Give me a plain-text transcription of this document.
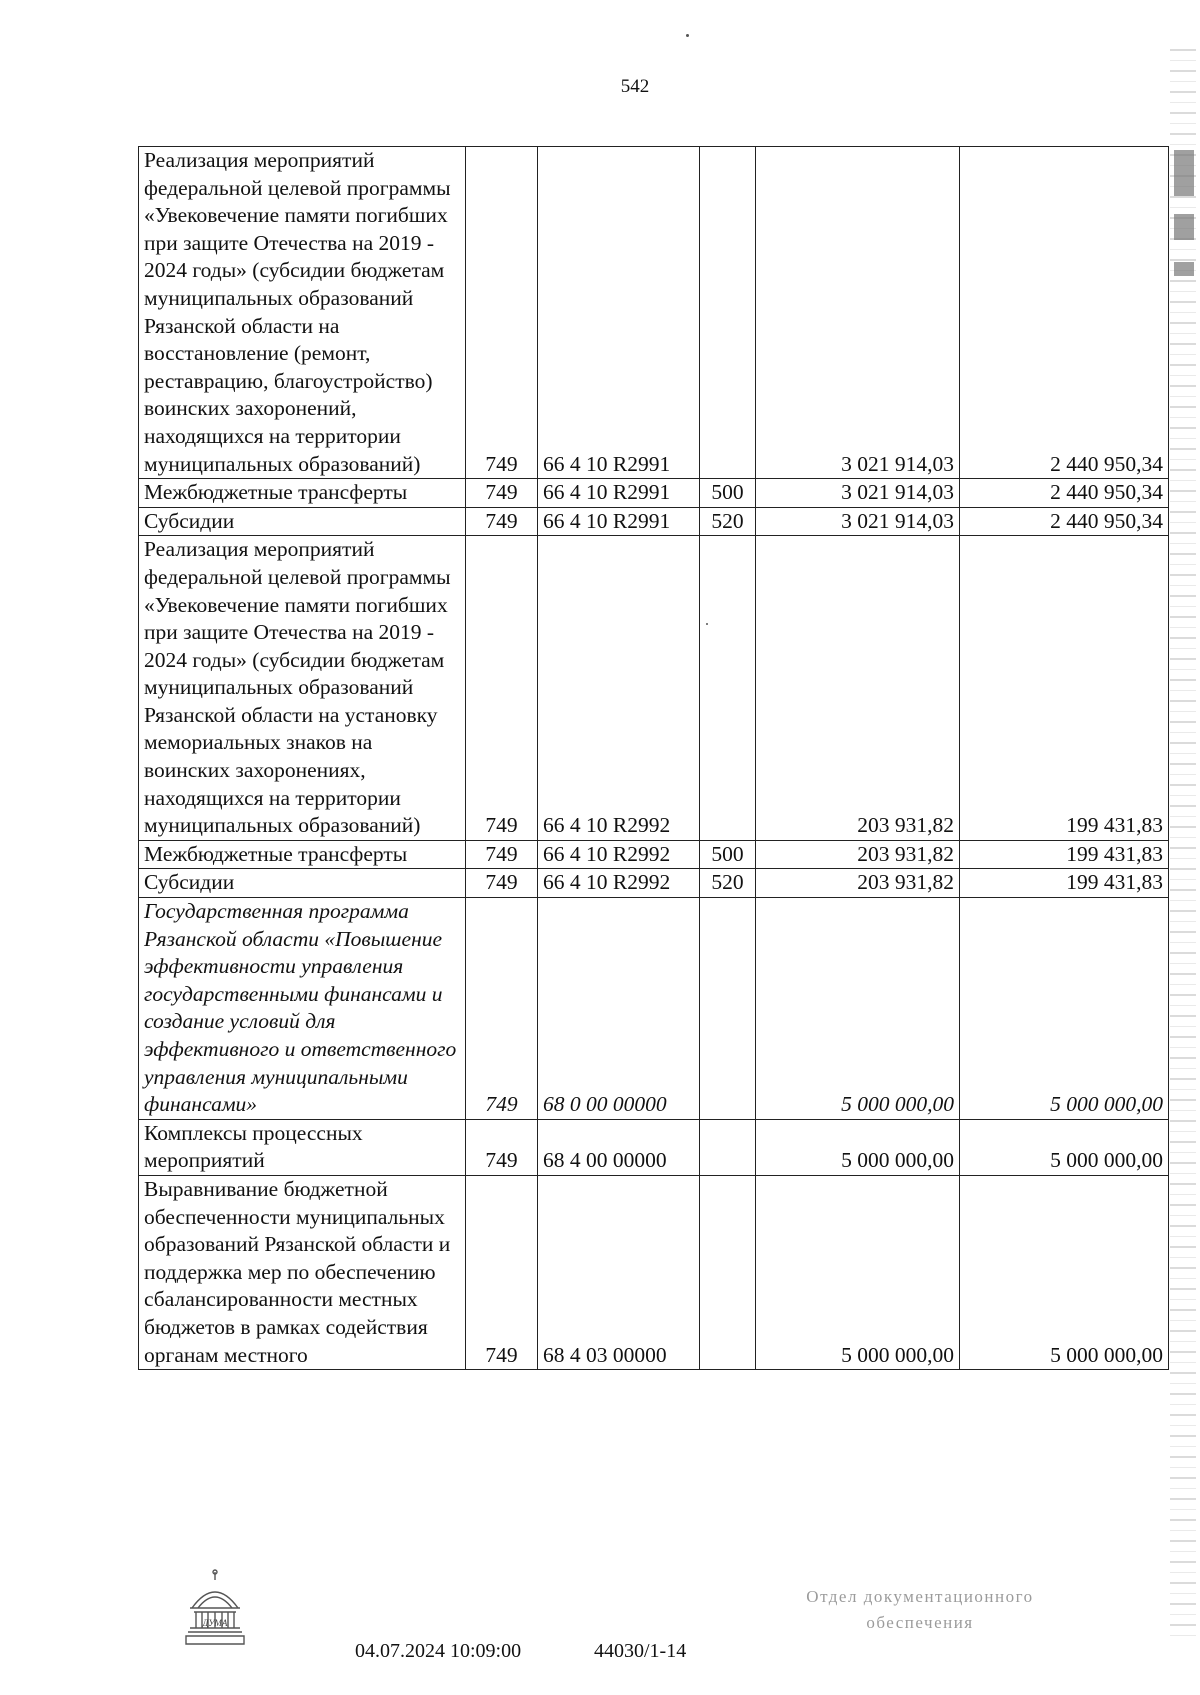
542
Реализация мероприятий федеральной целевой программы «Увековечение памяти погибших при защите Отечества на 2019 - 2024 годы» (субсидии бюджетам муниципальных образований Рязанской области на восстановление (ремонт, реставрацию, благоустройство) воинских захоронений, находящихся на территории муниципальных образований)	749	66 4 10 R2991		3 021 914,03	2 440 950,34
Межбюджетные трансферты	749	66 4 10 R2991	500	3 021 914,03	2 440 950,34
Субсидии	749	66 4 10 R2991	520	3 021 914,03	2 440 950,34
Реализация мероприятий федеральной целевой программы «Увековечение памяти погибших при защите Отечества на 2019 - 2024 годы» (субсидии бюджетам муниципальных образований Рязанской области на установку мемориальных знаков на воинских захоронениях, находящихся на территории муниципальных образований)	749	66 4 10 R2992		203 931,82	199 431,83
Межбюджетные трансферты	749	66 4 10 R2992	500	203 931,82	199 431,83
Субсидии	749	66 4 10 R2992	520	203 931,82	199 431,83
Государственная программа Рязанской области «Повышение эффективности управления государственными финансами и создание условий для эффективного и ответственного управления муниципальными финансами»	749	68 0 00 00000		5 000 000,00	5 000 000,00
Комплексы процессных мероприятий	749	68 4 00 00000		5 000 000,00	5 000 000,00
Выравнивание бюджетной обеспеченности муниципальных образований Рязанской области и поддержка мер по обеспечению сбалансированности местных бюджетов в рамках содействия органам местного	749	68 4 03 00000		5 000 000,00	5 000 000,00
ДУМА
04.07.2024 10:09:00	44030/1-14
Отдел документационного
обеспечения
